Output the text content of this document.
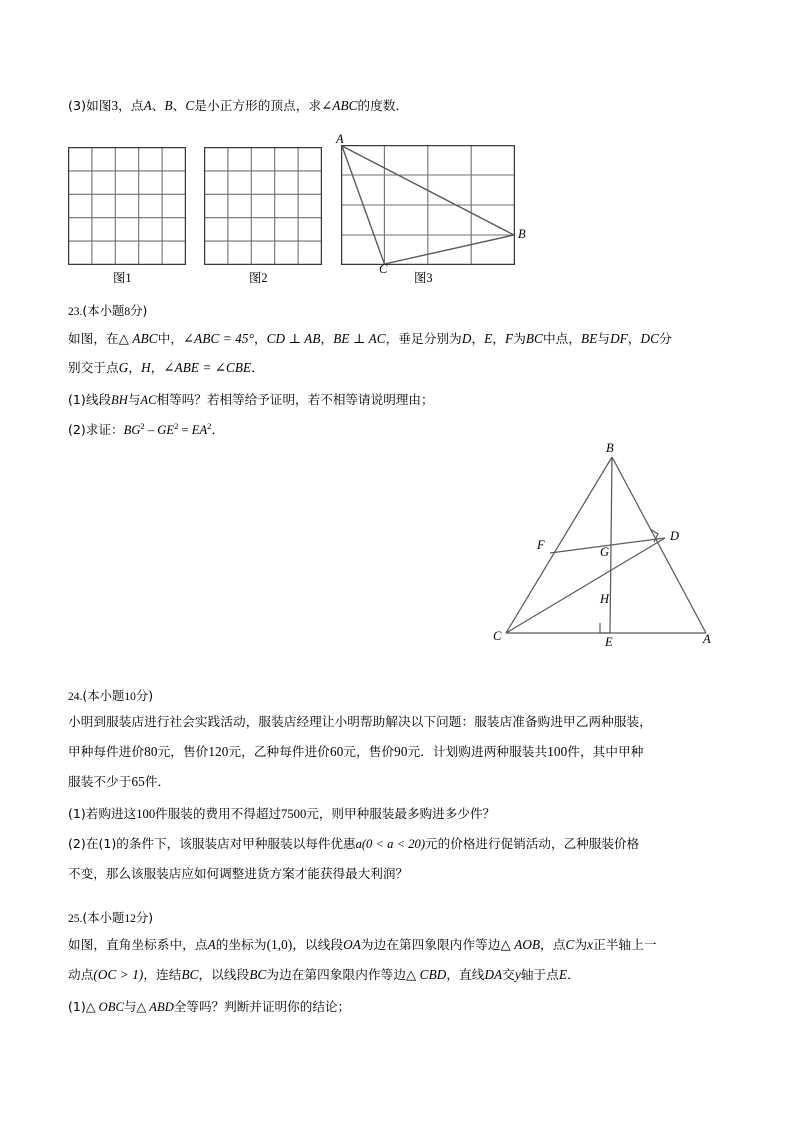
(3)如图3，点A、B、C是小正方形的顶点，求∠ABC的度数．
图1	图2
A
B
C
图3
23.(本小题8分)
如图，在△ ABC中，∠ABC = 45°，CD ⊥ AB，BE ⊥ AC，垂足分别为D，E，F为BC中点，BE与DF，DC分
别交于点G，H，∠ABE = ∠CBE．
(1)线段BH与AC相等吗？若相等给予证明，若不相等请说明理由；
(2)求证：$BG^2 - GE^2 = EA^2$．
B
F	G
D
H
C	E	A
24.(本小题10分)
小明到服装店进行社会实践活动，服装店经理让小明帮助解决以下问题：服装店准备购进甲乙两种服装，
甲种每件进价80元，售价120元，乙种每件进价60元，售价90元．计划购进两种服装共100件，其中甲种
服装不少于65件．
(1)若购进这100件服装的费用不得超过7500元，则甲种服装最多购进多少件？
(2)在(1)的条件下，该服装店对甲种服装以每件优惠a(0 < a < 20)元的价格进行促销活动，乙种服装价格
不变，那么该服装店应如何调整进货方案才能获得最大利润？
25.(本小题12分)
如图，直角坐标系中，点A的坐标为(1,0)，以线段OA为边在第四象限内作等边△ AOB，点C为x正半轴上一
动点(OC > 1)，连结BC，以线段BC为边在第四象限内作等边△ CBD，直线DA交y轴于点E．
(1)△ OBC与△ ABD全等吗？判断并证明你的结论；
